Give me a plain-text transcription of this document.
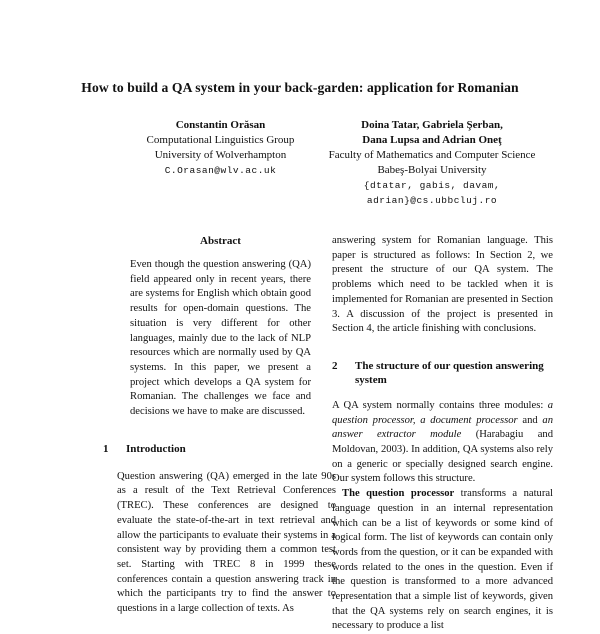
How to build a QA system in your back-garden: application for Romanian
Constantin Orăsan
Computational Linguistics Group
University of Wolverhampton
C.Orasan@wlv.ac.uk
Doina Tatar, Gabriela Şerban,
Dana Lupsa and Adrian Oneţ
Faculty of Mathematics and Computer Science
Babeş-Bolyai University
{dtatar, gabis, davam,
adrian}@cs.ubbcluj.ro
Abstract

Even though the question answering (QA) field appeared only in recent years, there are systems for English which obtain good results for open-domain questions. The situation is very different for other languages, mainly due to the lack of NLP resources which are normally used by QA systems. In this paper, we present a project which develops a QA system for Romanian. The challenges we face and decisions we have to make are discussed.

1	Introduction

Question answering (QA) emerged in the late 90s as a result of the Text Retrieval Conferences (TREC). These conferences are designed to evaluate the state-of-the-art in text retrieval and allow the participants to evaluate their systems in a consistent way by providing them a common test set. Starting with TREC 8 in 1999 these conferences contain a question answering track in which the participants try to find the answer to questions in a large collection of texts. As

answering system for Romanian language. This paper is structured as follows: In Section 2, we present the structure of our QA system. The problems which need to be tackled when it is implemented for Romanian are presented in Section 3. A discussion of the project is presented in Section 4, the article finishing with conclusions.

2	The structure of our question answering system

A QA system normally contains three modules: a question processor, a document processor and an answer extractor module (Harabagiu and Moldovan, 2003). In addition, QA systems also rely on a generic or specially designed search engine. Our system follows this structure.

The question processor transforms a natural language question in an internal representation which can be a list of keywords or some kind of logical form. The list of keywords can contain only words from the question, or it can be expanded with words related to the ones in the question. Even if the question is transformed to a more advanced representation that a simple list of keywords, given that the QA systems rely on search engines, it is necessary to produce a list
